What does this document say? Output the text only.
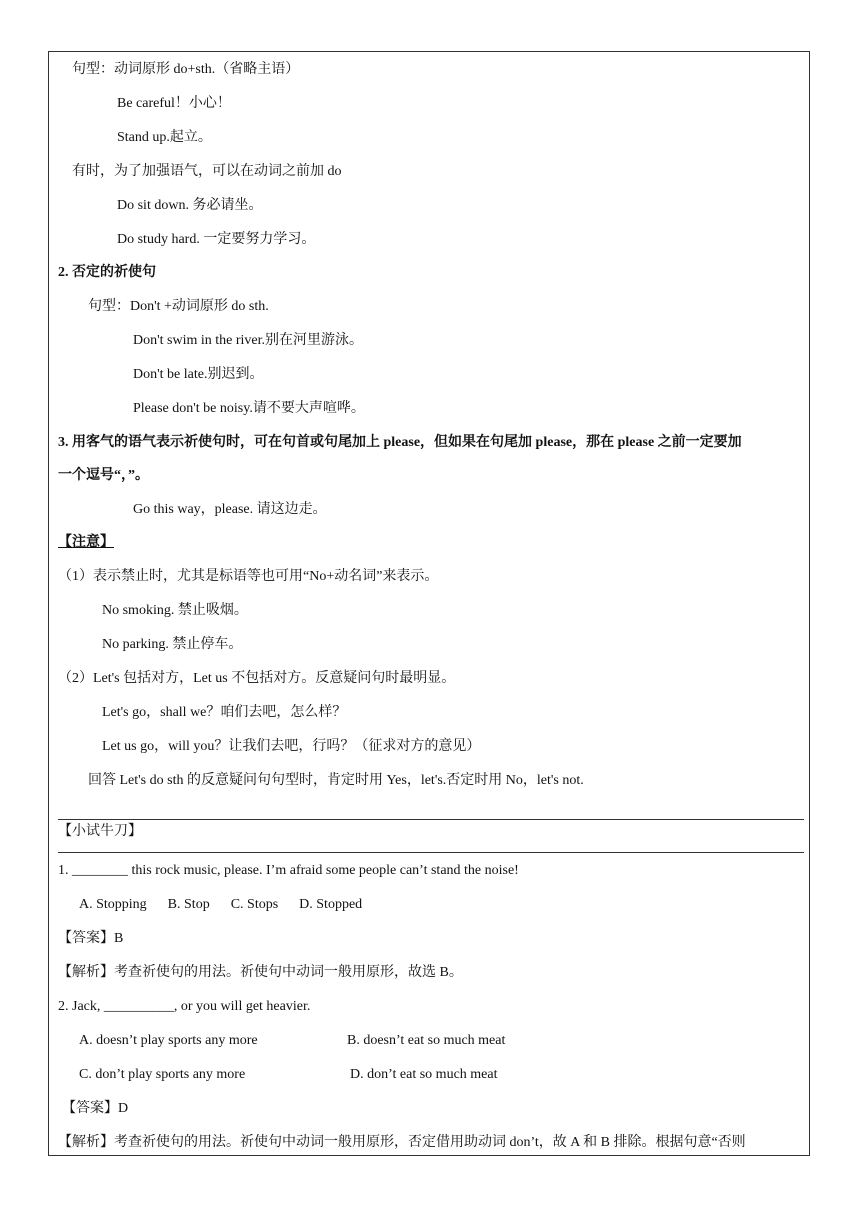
句型：动词原形 do+sth.（省略主语）
Be careful！小心！
Stand up.起立。
有时，为了加强语气，可以在动词之前加 do
Do sit down. 务必请坐。
Do study hard. 一定要努力学习。
2. 否定的祈使句
句型：Don't +动词原形 do sth.
Don't swim in the river.别在河里游泳。
Don't be late.别迟到。
Please don't be noisy.请不要大声喧哗。
3. 用客气的语气表示祈使句时，可在句首或句尾加上 please，但如果在句尾加 please，那在 please 之前一定要加
一个逗号“，”。
Go this way，please. 请这边走。
【注意】
（1）表示禁止时，尤其是标语等也可用“No+动名词”来表示。
No smoking. 禁止吸烟。
No parking. 禁止停车。
（2）Let's 包括对方，Let us 不包括对方。反意疑问句时最明显。
Let's go，shall we？咱们去吧，怎么样？
Let us go，will you？让我们去吧，行吗？（征求对方的意见）
回答 Let's do sth 的反意疑问句句型时，肯定时用 Yes，let's.否定时用 No，let's not.
【小试牛刀】
1. ________ this rock music, please. I’m afraid some people can’t stand the noise!
A. Stopping      B. Stop      C. Stops      D. Stopped
【答案】B
【解析】考查祈使句的用法。祈使句中动词一般用原形，故选 B。
2. Jack, __________, or you will get heavier.
A. doesn’t play sports any more	B. doesn’t eat so much meat
C. don’t play sports any more	D. don’t eat so much meat
【答案】D
【解析】考查祈使句的用法。祈使句中动词一般用原形，否定借用助动词 don’t，故 A 和 B 排除。根据句意“否则
